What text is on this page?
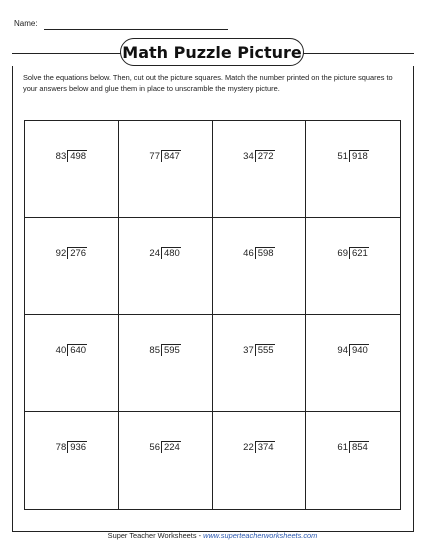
Name:
Math Puzzle Picture
Solve the equations below. Then, cut out the picture squares. Match the number printed on the picture squares to your answers below and glue them in place to unscramble the mystery picture.
83 498	77 847	34 272	51 918
92 276	24 480	46 598	69 621
40 640	85 595	37 555	94 940
78 936	56 224	22 374	61 854
Super Teacher Worksheets - www.superteacherworksheets.com
